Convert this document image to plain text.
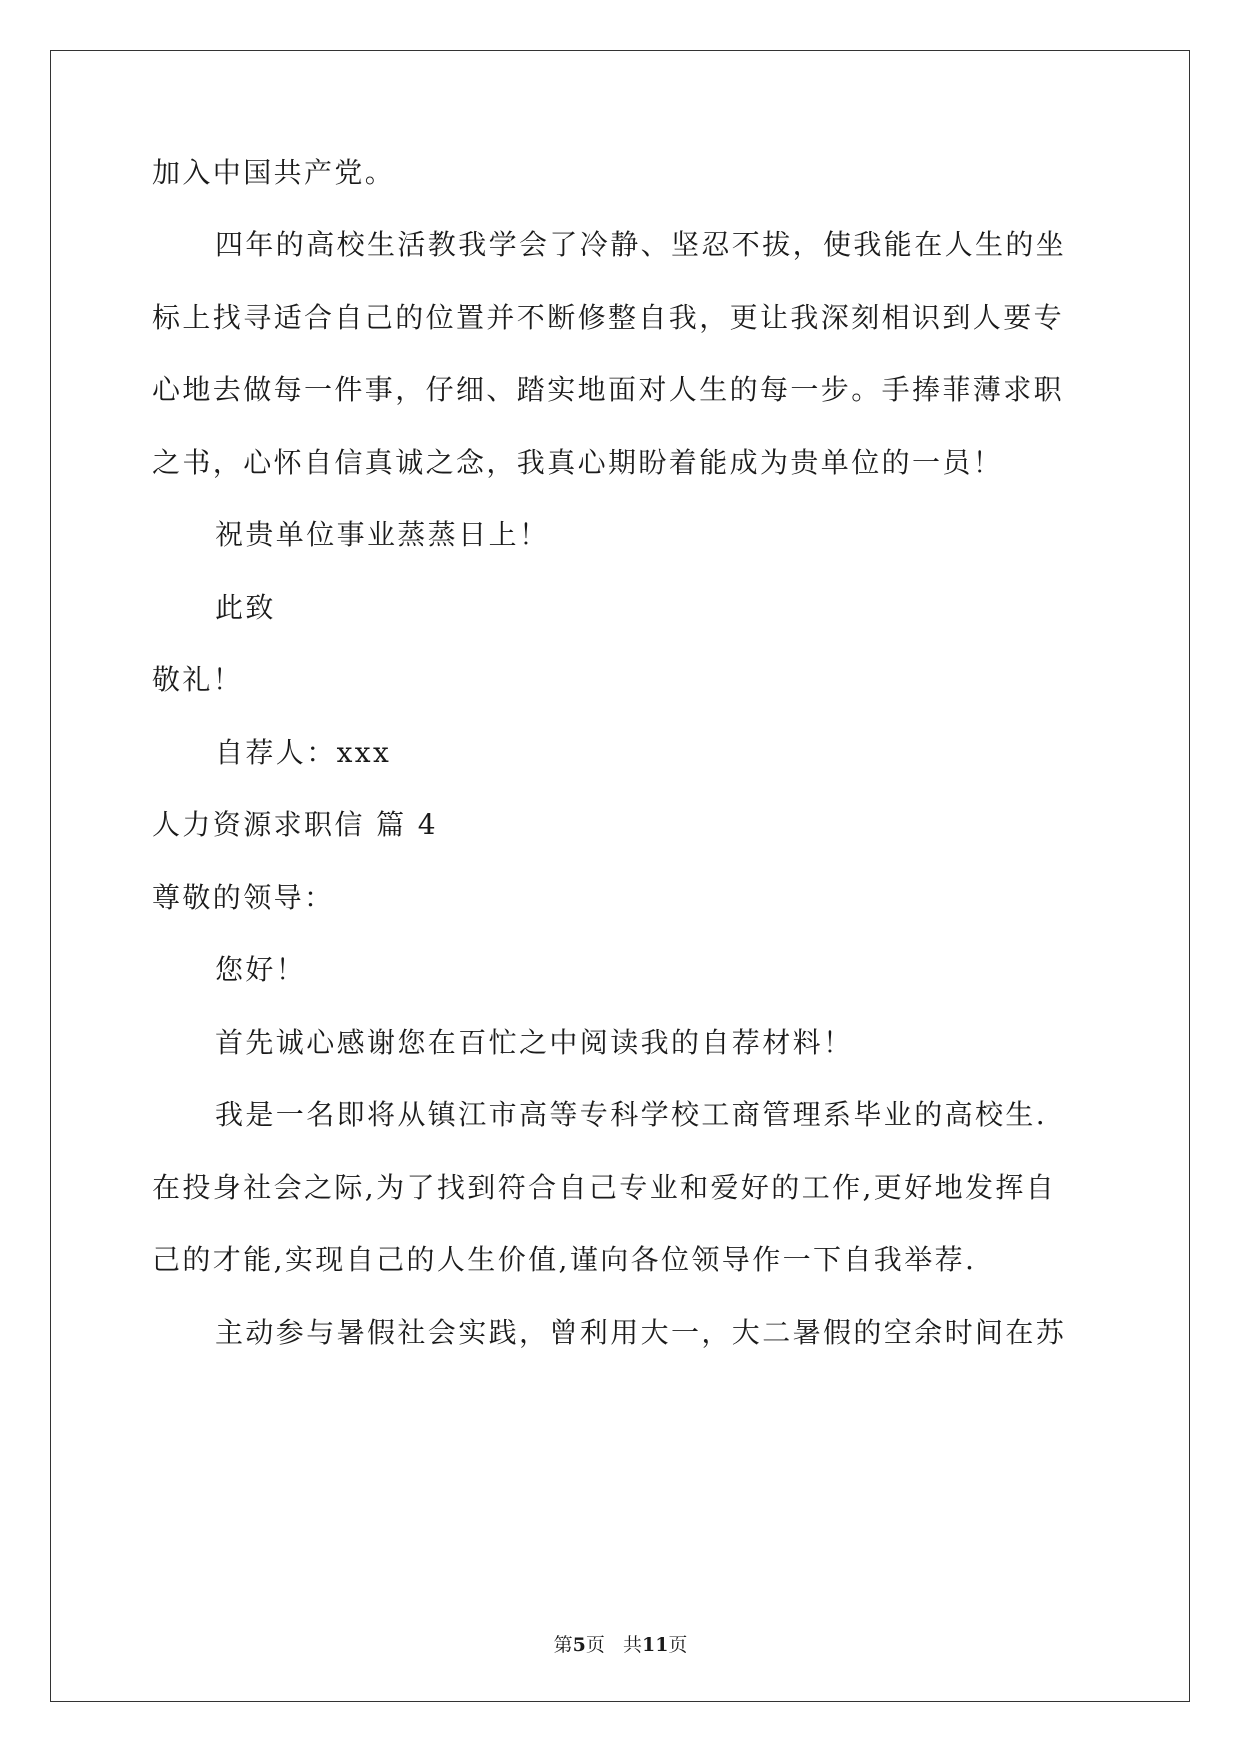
加入中国共产党。
四年的高校生活教我学会了冷静、坚忍不拔，使我能在人生的坐
标上找寻适合自己的位置并不断修整自我，更让我深刻相识到人要专
心地去做每一件事，仔细、踏实地面对人生的每一步。手捧菲薄求职
之书，心怀自信真诚之念，我真心期盼着能成为贵单位的一员！
祝贵单位事业蒸蒸日上！
此致
敬礼！
自荐人：xxx
人力资源求职信 篇 4
尊敬的领导：
您好！
首先诚心感谢您在百忙之中阅读我的自荐材料！
我是一名即将从镇江市高等专科学校工商管理系毕业的高校生.
在投身社会之际,为了找到符合自己专业和爱好的工作,更好地发挥自
己的才能,实现自己的人生价值,谨向各位领导作一下自我举荐.
主动参与暑假社会实践，曾利用大一，大二暑假的空余时间在苏
第5页 共11页
